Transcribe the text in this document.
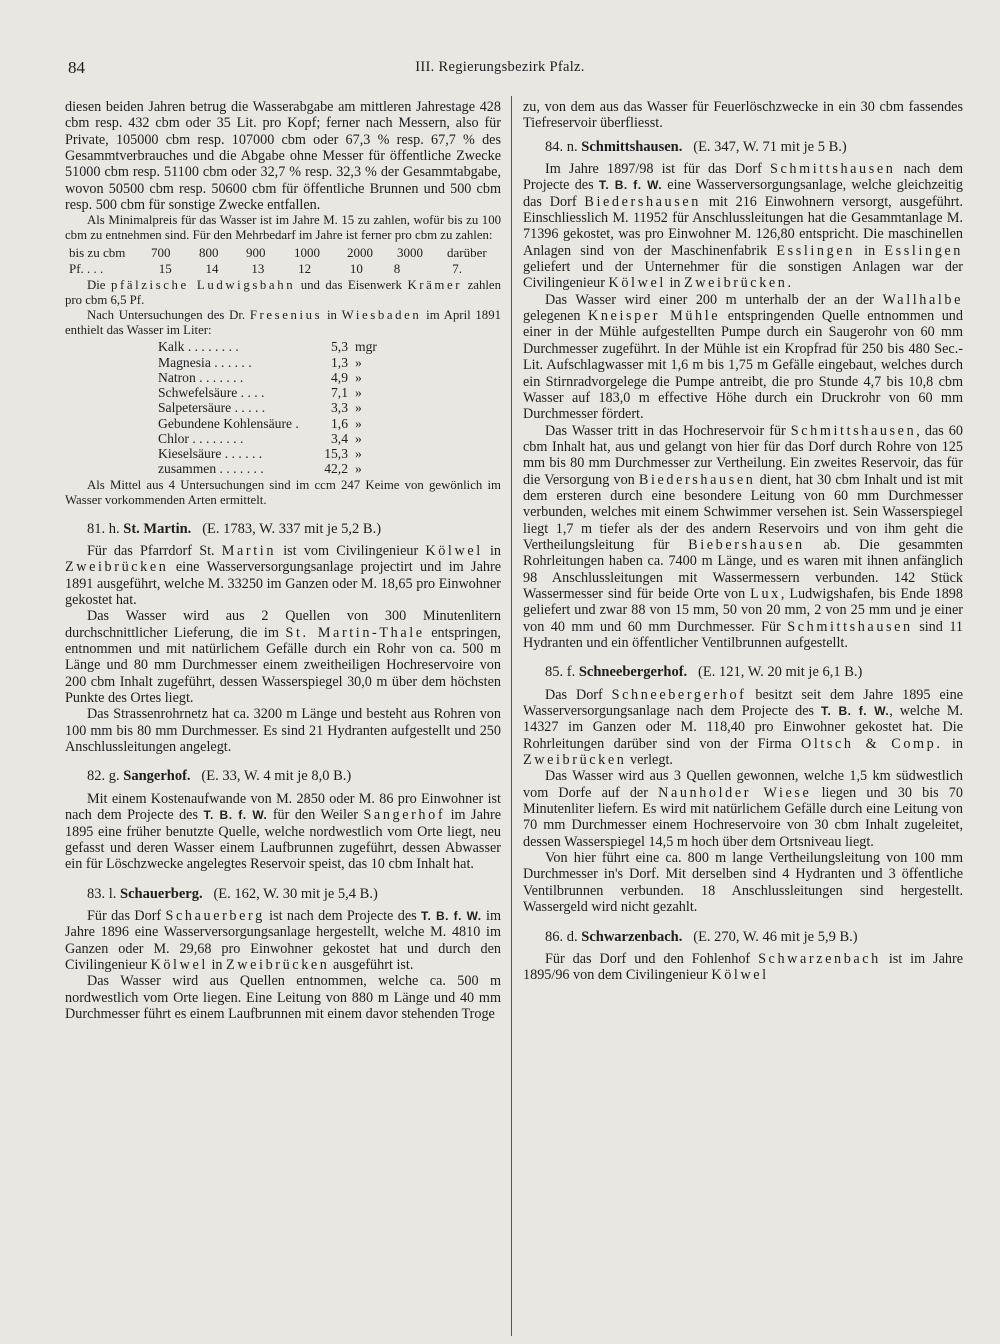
84	III. Regierungsbezirk Pfalz.

diesen beiden Jahren betrug die Wasserabgabe am mittleren Jahrestage 428 cbm resp. 432 cbm oder 35 Lit. pro Kopf; ferner nach Messern, also für Private, 105000 cbm resp. 107000 cbm oder 67,3 % resp. 67,7 % des Gesammtverbrauches und die Abgabe ohne Messer für öffentliche Zwecke 51000 cbm resp. 51100 cbm oder 32,7 % resp. 32,3 % der Gesammtabgabe, wovon 50500 cbm resp. 50600 cbm für öffentliche Brunnen und 500 cbm resp. 500 cbm für sonstige Zwecke entfallen.

Als Minimalpreis für das Wasser ist im Jahre M. 15 zu zahlen, wofür bis zu 100 cbm zu entnehmen sind. Für den Mehrbedarf im Jahre ist ferner pro cbm zu zahlen:

bis zu cbm	700	800	900	1000	2000	3000	darüber
Pf. . . .	15	14	13	12	10	8	7.

Die pfälzische Ludwigsbahn und das Eisenwerk Krämer zahlen pro cbm 6,5 Pf.

Nach Untersuchungen des Dr. Fresenius in Wiesbaden im April 1891 enthielt das Wasser im Liter:

Kalk . . . . . . . .	5,3 mgr
Magnesia . . . . . .	1,3 »
Natron . . . . . . .	4,9 »
Schwefelsäure . . . .	7,1 »
Salpetersäure . . . . .	3,3 »
Gebundene Kohlensäure .	1,6 »
Chlor . . . . . . . .	3,4 »
Kieselsäure . . . . . .	15,3 »
zusammen . . . . . . .	42,2 »

Als Mittel aus 4 Untersuchungen sind im ccm 247 Keime von gewönlich im Wasser vorkommenden Arten ermittelt.

81. h. St. Martin. (E. 1783, W. 337 mit je 5,2 B.)

Für das Pfarrdorf St. Martin ist vom Civilingenieur Kölwel in Zweibrücken eine Wasserversorgungsanlage projectirt und im Jahre 1891 ausgeführt, welche M. 33250 im Ganzen oder M. 18,65 pro Einwohner gekostet hat.

Das Wasser wird aus 2 Quellen von 300 Minutenlitern durchschnittlicher Lieferung, die im St. Martin-Thale entspringen, entnommen und mit natürlichem Gefälle durch ein Rohr von ca. 500 m Länge und 80 mm Durchmesser einem zweitheiligen Hochreservoire von 200 cbm Inhalt zugeführt, dessen Wasserspiegel 30,0 m über dem höchsten Punkte des Ortes liegt.

Das Strassenrohrnetz hat ca. 3200 m Länge und besteht aus Rohren von 100 mm bis 80 mm Durchmesser. Es sind 21 Hydranten aufgestellt und 250 Anschlussleitungen angelegt.

82. g. Sangerhof. (E. 33, W. 4 mit je 8,0 B.)

Mit einem Kostenaufwande von M. 2850 oder M. 86 pro Einwohner ist nach dem Projecte des T. B. f. W. für den Weiler Sangerhof im Jahre 1895 eine früher benutzte Quelle, welche nordwestlich vom Orte liegt, neu gefasst und deren Wasser einem Laufbrunnen zugeführt, dessen Abwasser ein für Löschzwecke angelegtes Reservoir speist, das 10 cbm Inhalt hat.

83. l. Schauerberg. (E. 162, W. 30 mit je 5,4 B.)

Für das Dorf Schauerberg ist nach dem Projecte des T. B. f. W. im Jahre 1896 eine Wasserversorgungsanlage hergestellt, welche M. 4810 im Ganzen oder M. 29,68 pro Einwohner gekostet hat und durch den Civilingenieur Kölwel in Zweibrücken ausgeführt ist.

Das Wasser wird aus Quellen entnommen, welche ca. 500 m nordwestlich vom Orte liegen. Eine Leitung von 880 m Länge und 40 mm Durchmesser führt es einem Laufbrunnen mit einem davor stehenden Troge

zu, von dem aus das Wasser für Feuerlöschzwecke in ein 30 cbm fassendes Tiefreservoir überfliesst.

84. n. Schmittshausen. (E. 347, W. 71 mit je 5 B.)

Im Jahre 1897/98 ist für das Dorf Schmittshausen nach dem Projecte des T. B. f. W. eine Wasserversorgungsanlage, welche gleichzeitig das Dorf Biedershausen mit 216 Einwohnern versorgt, ausgeführt. Einschliesslich M. 11952 für Anschlussleitungen hat die Gesammtanlage M. 71396 gekostet, was pro Einwohner M. 126,80 entspricht. Die maschinellen Anlagen sind von der Maschinenfabrik Esslingen in Esslingen geliefert und der Unternehmer für die sonstigen Anlagen war der Civilingenieur Kölwel in Zweibrücken.

Das Wasser wird einer 200 m unterhalb der an der Wallhalbe gelegenen Kneisper Mühle entspringenden Quelle entnommen und einer in der Mühle aufgestellten Pumpe durch ein Saugerohr von 60 mm Durchmesser zugeführt. In der Mühle ist ein Kropfrad für 250 bis 480 Sec.-Lit. Aufschlagwasser mit 1,6 m bis 1,75 m Gefälle eingebaut, welches durch ein Stirnradvorgelege die Pumpe antreibt, die pro Stunde 4,7 bis 10,8 cbm Wasser auf 183,0 m effective Höhe durch ein Druckrohr von 60 mm Durchmesser fördert.

Das Wasser tritt in das Hochreservoir für Schmittshausen, das 60 cbm Inhalt hat, aus und gelangt von hier für das Dorf durch Rohre von 125 mm bis 80 mm Durchmesser zur Vertheilung. Ein zweites Reservoir, das für die Versorgung von Biedershausen dient, hat 30 cbm Inhalt und ist mit dem ersteren durch eine besondere Leitung von 60 mm Durchmesser verbunden, welches mit einem Schwimmer versehen ist. Sein Wasserspiegel liegt 1,7 m tiefer als der des andern Reservoirs und von ihm geht die Vertheilungsleitung für Biebershausen ab. Die gesammten Rohrleitungen haben ca. 7400 m Länge, und es waren mit ihnen anfänglich 98 Anschlussleitungen mit Wassermessern verbunden. 142 Stück Wassermesser sind für beide Orte von Lux, Ludwigshafen, bis Ende 1898 geliefert und zwar 88 von 15 mm, 50 von 20 mm, 2 von 25 mm und je einer von 40 mm und 60 mm Durchmesser. Für Schmittshausen sind 11 Hydranten und ein öffentlicher Ventilbrunnen aufgestellt.

85. f. Schneebergerhof. (E. 121, W. 20 mit je 6,1 B.)

Das Dorf Schneebergerhof besitzt seit dem Jahre 1895 eine Wasserversorgungsanlage nach dem Projecte des T. B. f. W., welche M. 14327 im Ganzen oder M. 118,40 pro Einwohner gekostet hat. Die Rohrleitungen darüber sind von der Firma Oltsch & Comp. in Zweibrücken verlegt.

Das Wasser wird aus 3 Quellen gewonnen, welche 1,5 km südwestlich vom Dorfe auf der Naunholder Wiese liegen und 30 bis 70 Minutenliter liefern. Es wird mit natürlichem Gefälle durch eine Leitung von 70 mm Durchmesser einem Hochreservoire von 30 cbm Inhalt zugeleitet, dessen Wasserspiegel 14,5 m hoch über dem Ortsniveau liegt.

Von hier führt eine ca. 800 m lange Vertheilungsleitung von 100 mm Durchmesser in's Dorf. Mit derselben sind 4 Hydranten und 3 öffentliche Ventilbrunnen verbunden. 18 Anschlussleitungen sind hergestellt. Wassergeld wird nicht gezahlt.

86. d. Schwarzenbach. (E. 270, W. 46 mit je 5,9 B.)

Für das Dorf und den Fohlenhof Schwarzenbach ist im Jahre 1895/96 von dem Civilingenieur Kölwel
